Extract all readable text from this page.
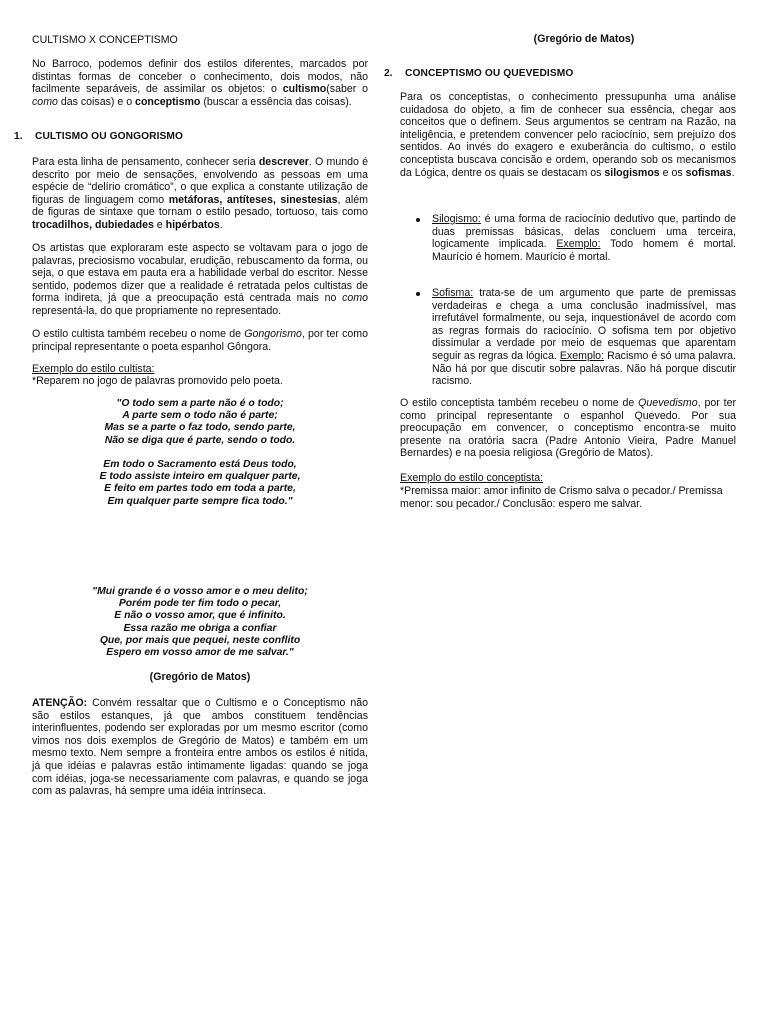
CULTISMO X CONCEPTISMO

No Barroco, podemos definir dos estilos diferentes, marcados por distintas formas de conceber o conhecimento, dois modos, não facilmente separáveis, de assimilar os objetos: o cultismo(saber o como das coisas) e o conceptismo (buscar a essência das coisas).

1. CULTISMO OU GONGORISMO

Para esta linha de pensamento, conhecer seria descrever. O mundo é descrito por meio de sensações, envolvendo as pessoas em uma espécie de “delírio cromático”, o que explica a constante utilização de figuras de linguagem como metáforas, antíteses, sinestesias, além de figuras de sintaxe que tornam o estilo pesado, tortuoso, tais como trocadilhos, dubiedades e hipérbatos.

Os artistas que exploraram este aspecto se voltavam para o jogo de palavras, preciosismo vocabular, erudição, rebuscamento da forma, ou seja, o que estava em pauta era a habilidade verbal do escritor. Nesse sentido, podemos dizer que a realidade é retratada pelos cultistas de forma indireta, já que a preocupação está centrada mais no como representá-la, do que propriamente no representado.

O estilo cultista também recebeu o nome de Gongorismo, por ter como principal representante o poeta espanhol Gôngora.

Exemplo do estilo cultista:
*Reparem no jogo de palavras promovido pelo poeta.
"O todo sem a parte não é o todo;
A parte sem o todo não é parte;
Mas se a parte o faz todo, sendo parte,
Não se diga que é parte, sendo o todo.
Em todo o Sacramento está Deus todo,
E todo assiste inteiro em qualquer parte,
E feito em partes todo em toda a parte,
Em qualquer parte sempre fica todo."
(Gregório de Matos)
"Mui grande é o vosso amor e o meu delito;
Porém pode ter fim todo o pecar,
E não o vosso amor, que é infinito.
Essa razão me obriga a confiar
Que, por mais que pequei, neste conflito
Espero em vosso amor de me salvar."
(Gregório de Matos)

ATENÇÃO: Convém ressaltar que o Cultismo e o Conceptismo não são estilos estanques, já que ambos constituem tendências interinfluentes, podendo ser exploradas por um mesmo escritor (como vimos nos dois exemplos de Gregório de Matos) e também em um mesmo texto. Nem sempre a fronteira entre ambos os estilos é nítida, já que idéias e palavras estão intimamente ligadas: quando se joga com idéias, joga-se necessariamente com palavras, e quando se joga com as palavras, há sempre uma idéia intrínseca.

2. CONCEPTISMO OU QUEVEDISMO

Para os conceptistas, o conhecimento pressupunha uma análise cuidadosa do objeto, a fim de conhecer sua essência, chegar aos conceitos que o definem. Seus argumentos se centram na Razão, na inteligência, e pretendem convencer pelo raciocínio, sem prejuízo dos sentidos. Ao invés do exagero e exuberância do cultismo, o estilo conceptista buscava concisão e ordem, operando sob os mecanismos da Lógica, dentre os quais se destacam os silogismos e os sofismas.

Silogismo: é uma forma de raciocínio dedutivo que, partindo de duas premissas básicas, delas concluem uma terceira, logicamente implicada. Exemplo: Todo homem é mortal. Maurício é homem. Maurício é mortal.
Sofisma: trata-se de um argumento que parte de premissas verdadeiras e chega a uma conclusão inadmissível, mas irrefutável formalmente, ou seja, inquestionável de acordo com as regras formais do raciocínio. O sofisma tem por objetivo dissimular a verdade por meio de esquemas que aparentam seguir as regras da lógica. Exemplo: Racismo é só uma palavra. Não há por que discutir sobre palavras. Não há porque discutir racismo.

O estilo conceptista também recebeu o nome de Quevedismo, por ter como principal representante o espanhol Quevedo. Por sua preocupação em convencer, o conceptismo encontra-se muito presente na oratória sacra (Padre Antonio Vieira, Padre Manuel Bernardes) e na poesia religiosa (Gregório de Matos).

Exemplo do estilo conceptista:
*Premissa maior: amor infinito de Crismo salva o pecador./ Premissa menor: sou pecador./ Conclusão: espero me salvar.
